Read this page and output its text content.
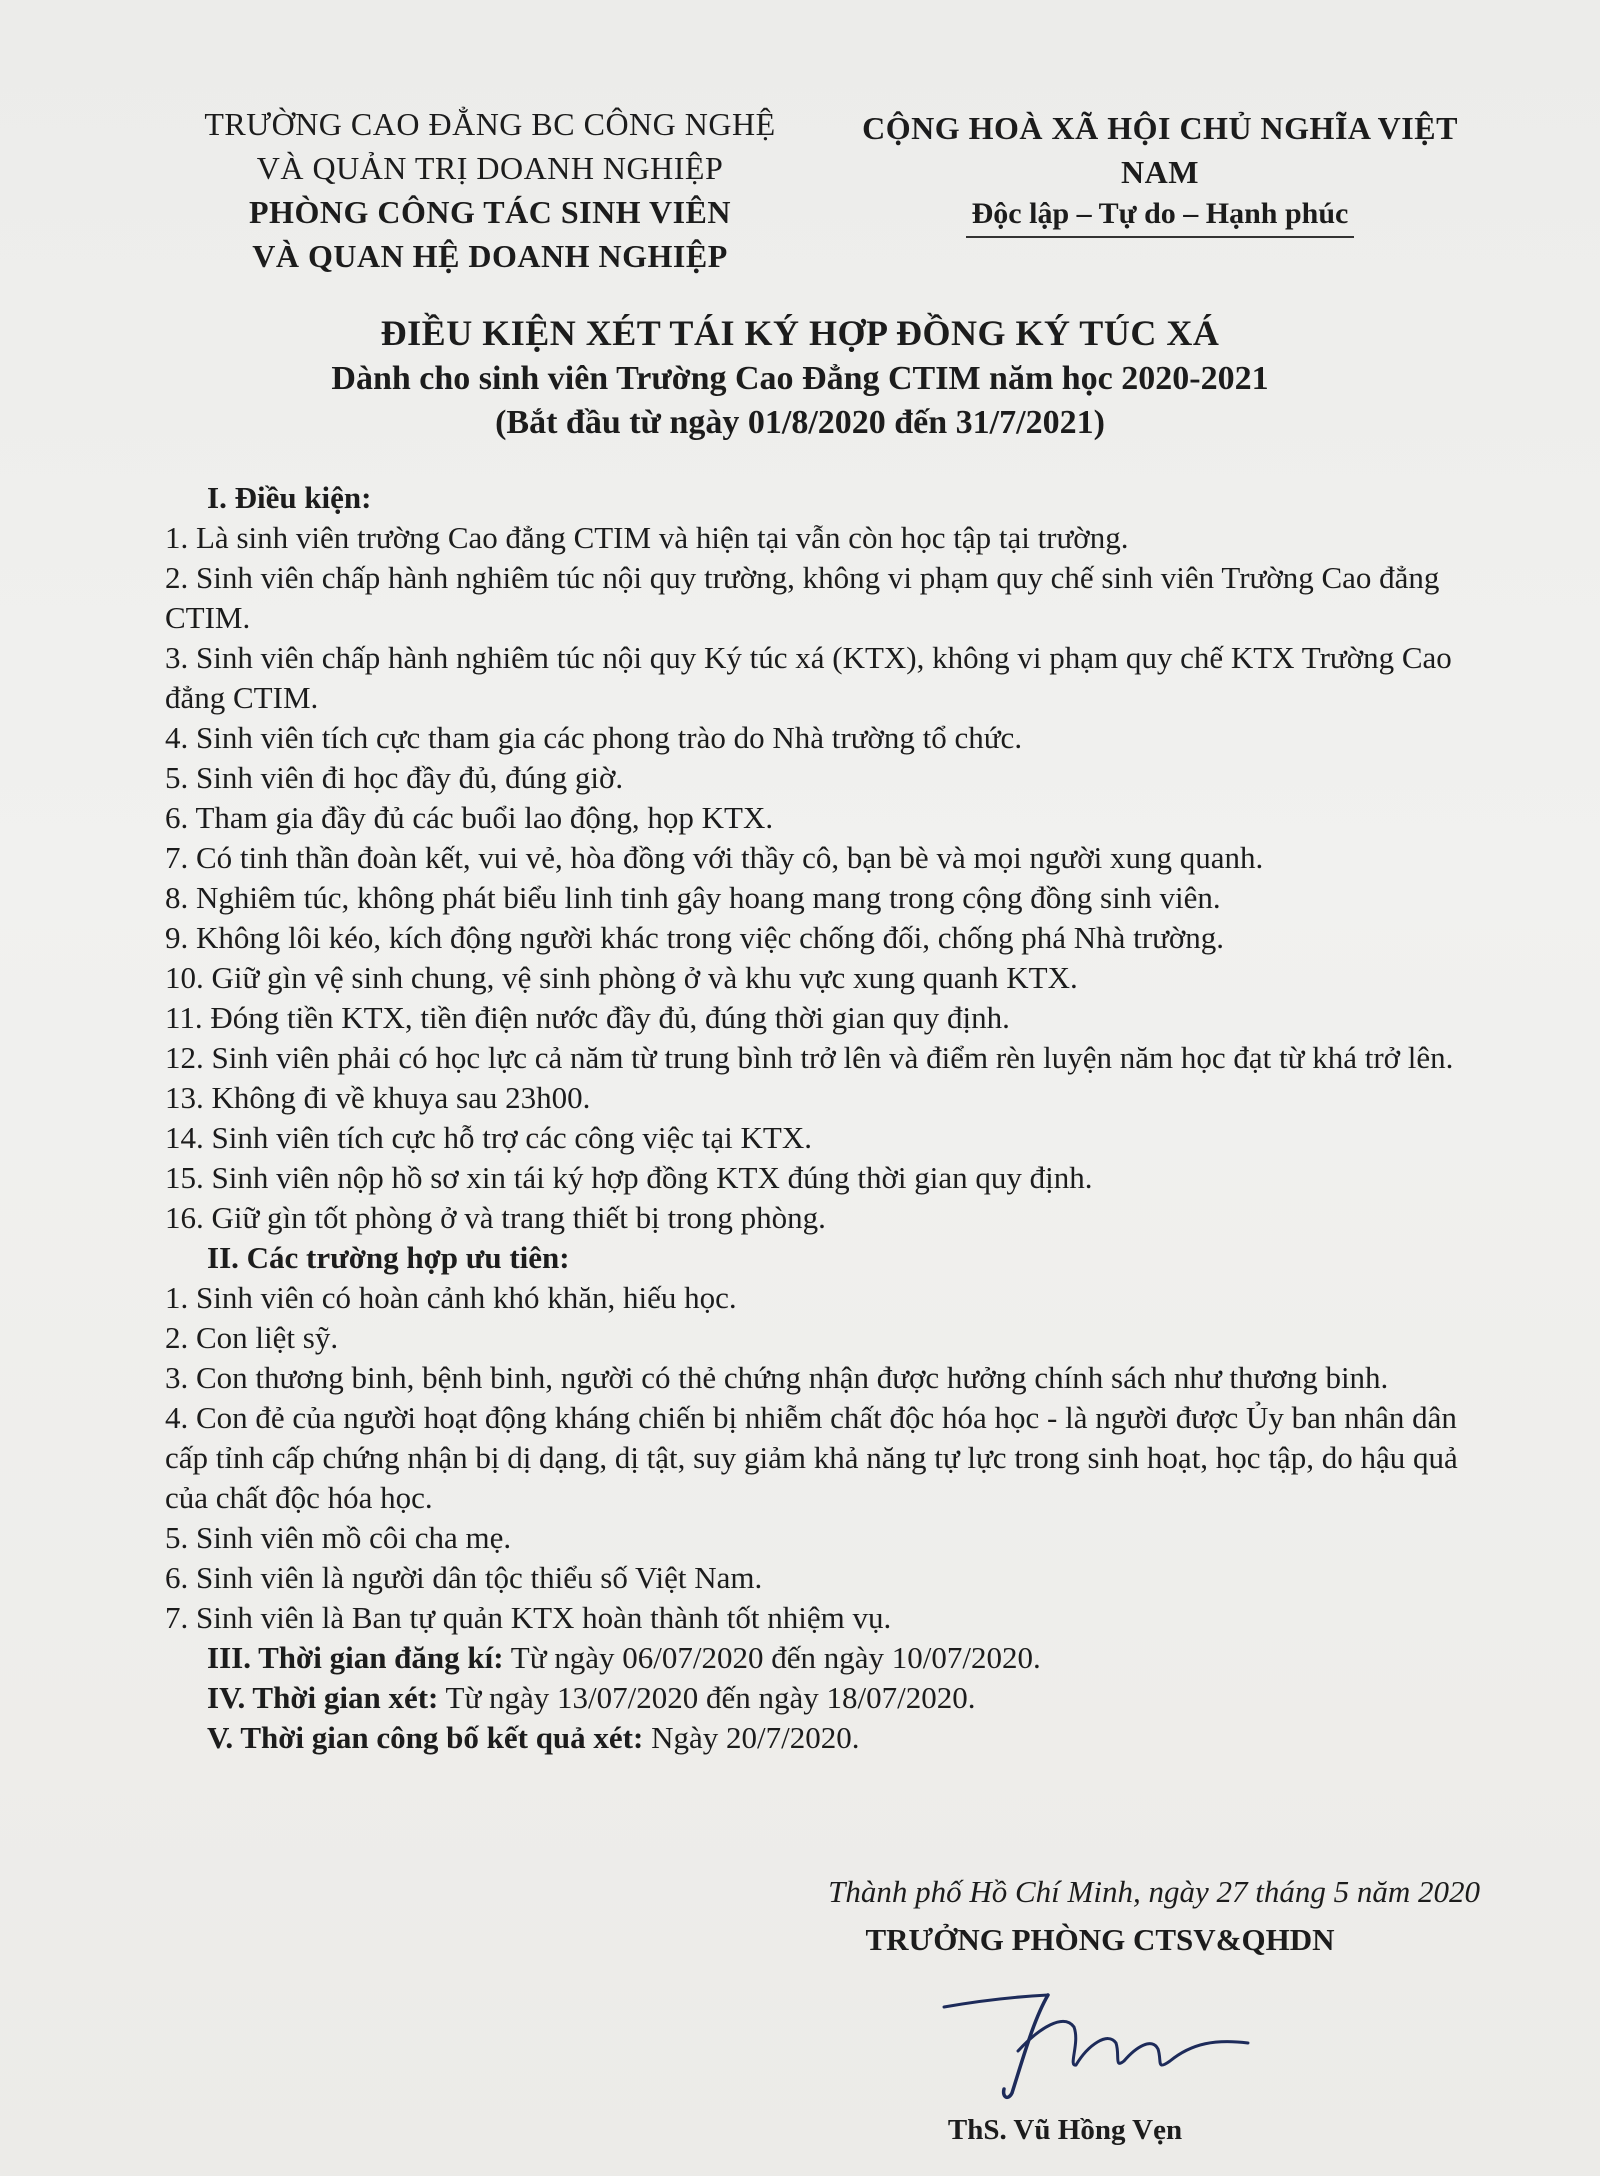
TRƯỜNG CAO ĐẲNG BC CÔNG NGHỆ
VÀ QUẢN TRỊ DOANH NGHIỆP
PHÒNG CÔNG TÁC SINH VIÊN
VÀ QUAN HỆ DOANH NGHIỆP
CỘNG HOÀ XÃ HỘI CHỦ NGHĨA VIỆT NAM
Độc lập – Tự do – Hạnh phúc
ĐIỀU KIỆN XÉT TÁI KÝ HỢP ĐỒNG KÝ TÚC XÁ
Dành cho sinh viên Trường Cao Đẳng CTIM năm học 2020-2021
(Bắt đầu từ ngày 01/8/2020 đến 31/7/2021)
I. Điều kiện:
1. Là sinh viên trường Cao đẳng CTIM và hiện tại vẫn còn học tập tại trường.
2. Sinh viên chấp hành nghiêm túc nội quy trường, không vi phạm quy chế sinh viên Trường Cao đẳng CTIM.
3. Sinh viên chấp hành nghiêm túc nội quy Ký túc xá (KTX), không vi phạm quy chế KTX Trường Cao đẳng CTIM.
4. Sinh viên tích cực tham gia các phong trào do Nhà trường tổ chức.
5. Sinh viên đi học đầy đủ, đúng giờ.
6. Tham gia đầy đủ các buổi lao động, họp KTX.
7. Có tinh thần đoàn kết, vui vẻ, hòa đồng với thầy cô, bạn bè và mọi người xung quanh.
8. Nghiêm túc, không phát biểu linh tinh gây hoang mang trong cộng đồng sinh viên.
9. Không lôi kéo, kích động người khác trong việc chống đối, chống phá Nhà trường.
10. Giữ gìn vệ sinh chung, vệ sinh phòng ở và khu vực xung quanh KTX.
11. Đóng tiền KTX, tiền điện nước đầy đủ, đúng thời gian quy định.
12. Sinh viên phải có học lực cả năm từ trung bình trở lên và điểm rèn luyện năm học đạt từ khá trở lên.
13. Không đi về khuya sau 23h00.
14. Sinh viên tích cực hỗ trợ các công việc tại KTX.
15. Sinh viên nộp hồ sơ xin tái ký hợp đồng KTX đúng thời gian quy định.
16. Giữ gìn tốt phòng ở và trang thiết bị trong phòng.
II. Các trường hợp ưu tiên:
1. Sinh viên có hoàn cảnh khó khăn, hiếu học.
2. Con liệt sỹ.
3. Con thương binh, bệnh binh, người có thẻ chứng nhận được hưởng chính sách như thương binh.
4. Con đẻ của người hoạt động kháng chiến bị nhiễm chất độc hóa học - là người được Ủy ban nhân dân cấp tỉnh cấp chứng nhận bị dị dạng, dị tật, suy giảm khả năng tự lực trong sinh hoạt, học tập, do hậu quả của chất độc hóa học.
5. Sinh viên mồ côi cha mẹ.
6. Sinh viên là người dân tộc thiểu số Việt Nam.
7. Sinh viên là Ban tự quản KTX hoàn thành tốt nhiệm vụ.
III. Thời gian đăng kí: Từ ngày 06/07/2020 đến ngày 10/07/2020.
IV. Thời gian xét: Từ ngày 13/07/2020 đến ngày 18/07/2020.
V. Thời gian công bố kết quả xét: Ngày 20/7/2020.
Thành phố Hồ Chí Minh, ngày 27 tháng 5 năm 2020
TRƯỞNG PHÒNG CTSV&QHDN
ThS. Vũ Hồng Vẹn
